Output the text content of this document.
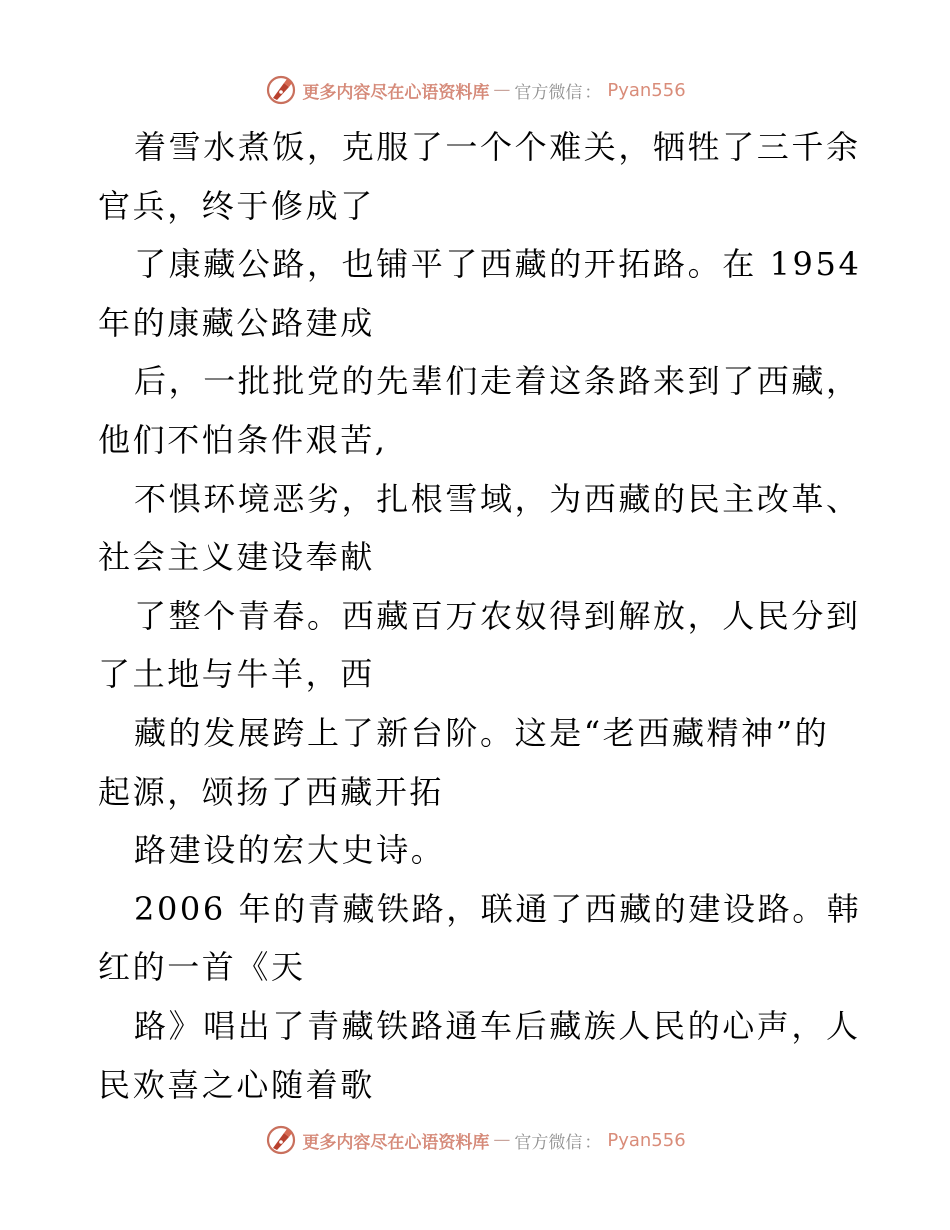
更多内容尽在心语资料库 — 官方微信 ： Pyan556
着雪水煮饭，克服了一个个难关，牺牲了三千余
官兵，终于修成了
了康藏公路，也铺平了西藏的开拓路。在 1954
年的康藏公路建成
后，一批批党的先辈们走着这条路来到了西藏，
他们不怕条件艰苦,
不惧环境恶劣，扎根雪域，为西藏的民主改革、
社会主义建设奉献
了整个青春。西藏百万农奴得到解放，人民分到
了土地与牛羊，西
藏的发展跨上了新台阶。这是“老西藏精神”的
起源，颂扬了西藏开拓
路建设的宏大史诗。
2006 年的青藏铁路，联通了西藏的建设路。韩
红的一首《天
路》唱出了青藏铁路通车后藏族人民的心声，人
民欢喜之心随着歌
更多内容尽在心语资料库 — 官方微信 ： Pyan556
